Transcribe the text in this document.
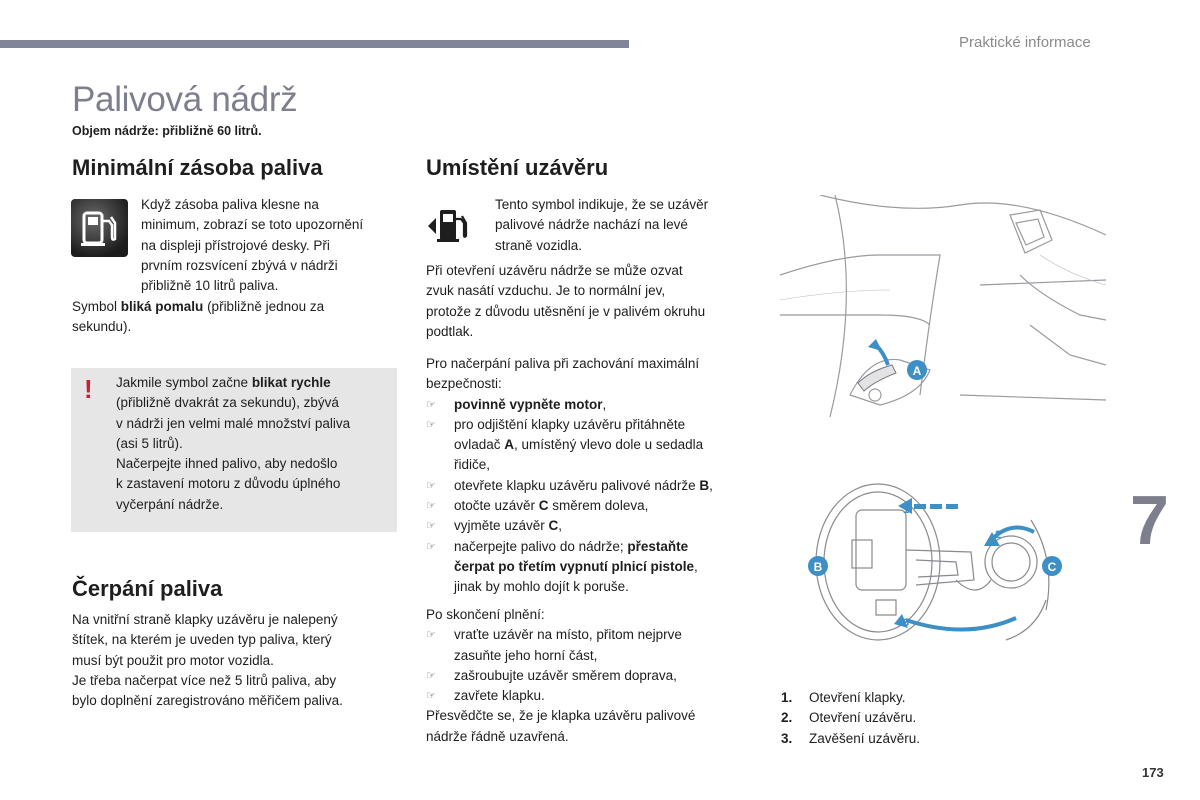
Praktické informace
Palivová nádrž
Objem nádrže: přibližně 60 litrů.
Minimální zásoba paliva
Když zásoba paliva klesne na
minimum, zobrazí se toto upozornění
na displeji přístrojové desky. Při
prvním rozsvícení zbývá v nádrži
přibližně 10 litrů paliva.
Symbol bliká pomalu (přibližně jednou za
sekundu).
! Jakmile symbol začne blikat rychle
(přibližně dvakrát za sekundu), zbývá
v nádrži jen velmi malé množství paliva
(asi 5 litrů).
Načerpejte ihned palivo, aby nedošlo
k zastavení motoru z důvodu úplného
vyčerpání nádrže.
Čerpání paliva
Na vnitřní straně klapky uzávěru je nalepený
štítek, na kterém je uveden typ paliva, který
musí být použit pro motor vozidla.
Je třeba načerpat více než 5 litrů paliva, aby
bylo doplnění zaregistrováno měřičem paliva.
Umístění uzávěru
Tento symbol indikuje, že se uzávěr
palivové nádrže nachází na levé
straně vozidla.
Při otevření uzávěru nádrže se může ozvat
zvuk nasátí vzduchu. Je to normální jev,
protože z důvodu utěsnění je v palivém okruhu
podtlak.
Pro načerpání paliva při zachování maximální
bezpečnosti:
☞ povinně vypněte motor,
☞ pro odjištění klapky uzávěru přitáhněte
ovladač A, umístěný vlevo dole u sedadla
řidiče,
☞ otevřete klapku uzávěru palivové nádrže B,
☞ otočte uzávěr C směrem doleva,
☞ vyjměte uzávěr C,
☞ načerpejte palivo do nádrže; přestaňte
čerpat po třetím vypnutí plnicí pistole,
jinak by mohlo dojít k poruše.
Po skončení plnění:
☞ vraťte uzávěr na místo, přitom nejprve
zasuňte jeho horní část,
☞ zašroubujte uzávěr směrem doprava,
☞ zavřete klapku.
Přesvědčte se, že je klapka uzávěru palivové
nádrže řádně uzavřená.
A
B	C
1
2
3
1.	Otevření klapky.
2.	Otevření uzávěru.
3.	Zavěšení uzávěru.
7
173
